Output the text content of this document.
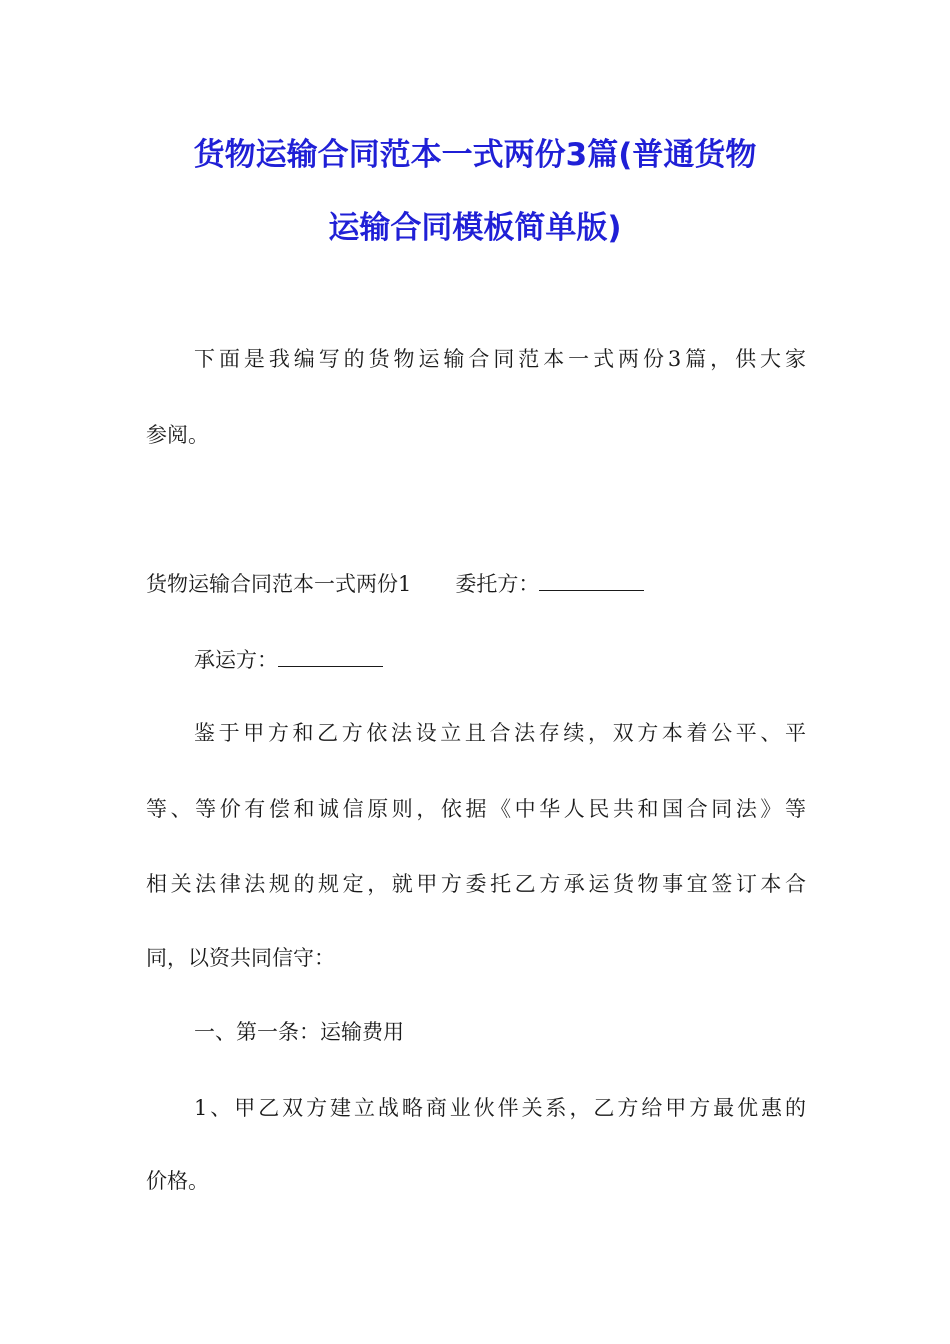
货物运输合同范本一式两份3篇(普通货物
运输合同模板简单版)
下面是我编写的货物运输合同范本一式两份3篇，供大家
参阅。
货物运输合同范本一式两份1 委托方：
承运方：
鉴于甲方和乙方依法设立且合法存续，双方本着公平、平
等、等价有偿和诚信原则，依据《中华人民共和国合同法》等
相关法律法规的规定，就甲方委托乙方承运货物事宜签订本合
同，以资共同信守：
一、第一条：运输费用
1、甲乙双方建立战略商业伙伴关系，乙方给甲方最优惠的
价格。
